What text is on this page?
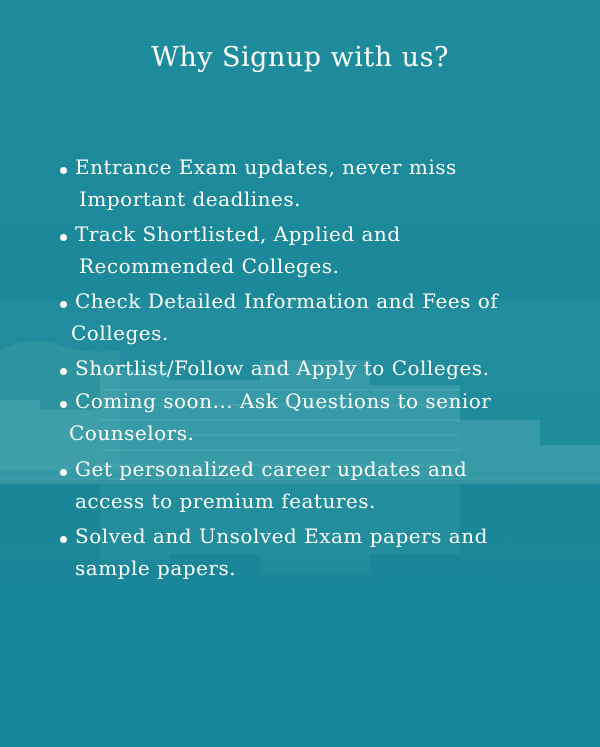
Why Signup with us?
Entrance Exam updates, never miss
Important deadlines.
Track Shortlisted, Applied and
Recommended Colleges.
Check Detailed Information and Fees of
Colleges.
Shortlist/Follow and Apply to Colleges.
Coming soon... Ask Questions to senior
Counselors.
Get personalized career updates and
access to premium features.
Solved and Unsolved Exam papers and
sample papers.
